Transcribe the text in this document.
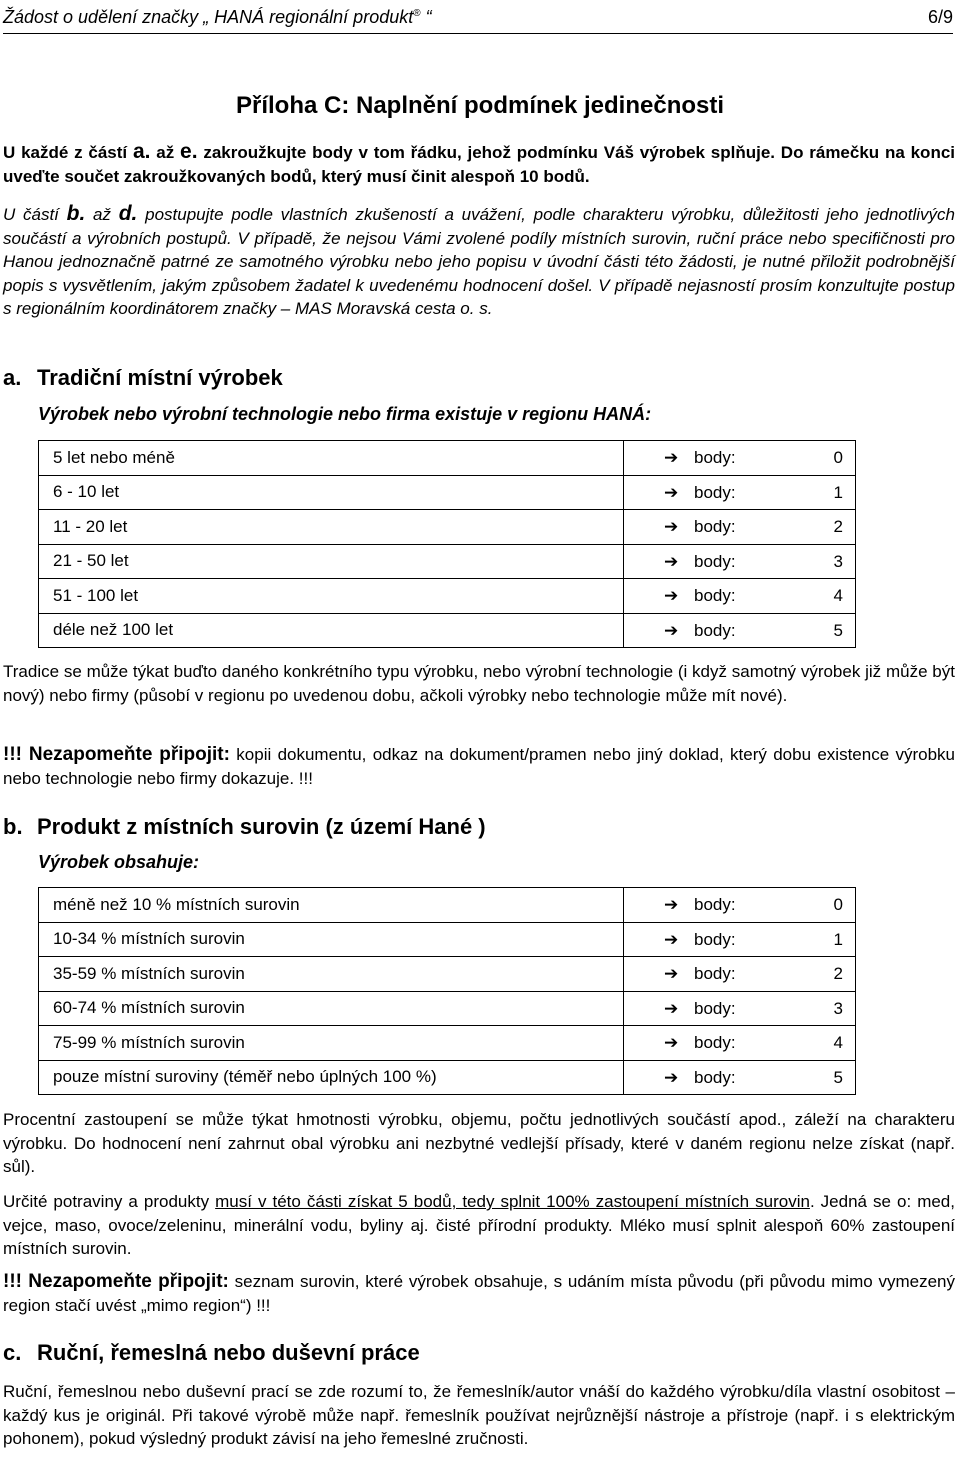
Žádost o udělení značky „ HANÁ regionální produkt® “	6/9
Příloha C: Naplnění podmínek jedinečnosti
U každé z částí a. až e. zakroužkujte body v tom řádku, jehož podmínku Váš výrobek splňuje. Do rámečku na konci uveďte součet zakroužkovaných bodů, který musí činit alespoň 10 bodů.
U částí b. až d. postupujte podle vlastních zkušeností a uvážení, podle charakteru výrobku, důležitosti jeho jednotlivých součástí a výrobních postupů. V případě, že nejsou Vámi zvolené podíly místních surovin, ruční práce nebo specifičnosti pro Hanou jednoznačně patrné ze samotného výrobku nebo jeho popisu v úvodní části této žádosti, je nutné přiložit podrobnější popis s vysvětlením, jakým způsobem žadatel k uvedenému hodnocení došel. V případě nejasností prosím konzultujte postup s regionálním koordinátorem značky – MAS Moravská cesta o. s.
a. Tradiční místní výrobek
Výrobek nebo výrobní technologie nebo firma existuje v regionu HANÁ:
5 let nebo méně	➔ body: 0

6 - 10 let	➔ body: 1

11 - 20 let	➔ body: 2

21 - 50 let	➔ body: 3

51 - 100 let	➔ body: 4

déle než 100 let	➔ body: 5
Tradice se může týkat buďto daného konkrétního typu výrobku, nebo výrobní technologie (i když samotný výrobek již může být nový) nebo firmy (působí v regionu po uvedenou dobu, ačkoli výrobky nebo technologie může mít nové).
!!! Nezapomeňte připojit: kopii dokumentu, odkaz na dokument/pramen nebo jiný doklad, který dobu existence výrobku nebo technologie nebo firmy dokazuje. !!!
b. Produkt z místních surovin (z území Hané )
Výrobek obsahuje:
méně než 10 % místních surovin	➔ body: 0

10-34 % místních surovin	➔ body: 1

35-59 % místních surovin	➔ body: 2

60-74 % místních surovin	➔ body: 3

75-99 % místních surovin	➔ body: 4

pouze místní suroviny (téměř nebo úplných 100 %)	➔ body: 5
Procentní zastoupení se může týkat hmotnosti výrobku, objemu, počtu jednotlivých součástí apod., záleží na charakteru výrobku. Do hodnocení není zahrnut obal výrobku ani nezbytné vedlejší přísady, které v daném regionu nelze získat (např. sůl).
Určité potraviny a produkty musí v této části získat 5 bodů, tedy splnit 100% zastoupení místních surovin. Jedná se o: med, vejce, maso, ovoce/zeleninu, minerální vodu, byliny aj. čisté přírodní produkty. Mléko musí splnit alespoň 60% zastoupení místních surovin.
!!! Nezapomeňte připojit: seznam surovin, které výrobek obsahuje, s udáním místa původu (při původu mimo vymezený region stačí uvést „mimo region“) !!!
c. Ruční, řemeslná nebo duševní práce
Ruční, řemeslnou nebo duševní prací se zde rozumí to, že řemeslník/autor vnáší do každého výrobku/díla vlastní osobitost – každý kus je originál. Při takové výrobě může např. řemeslník používat nejrůznější nástroje a přístroje (např. i s elektrickým pohonem), pokud výsledný produkt závisí na jeho řemeslné zručnosti.
